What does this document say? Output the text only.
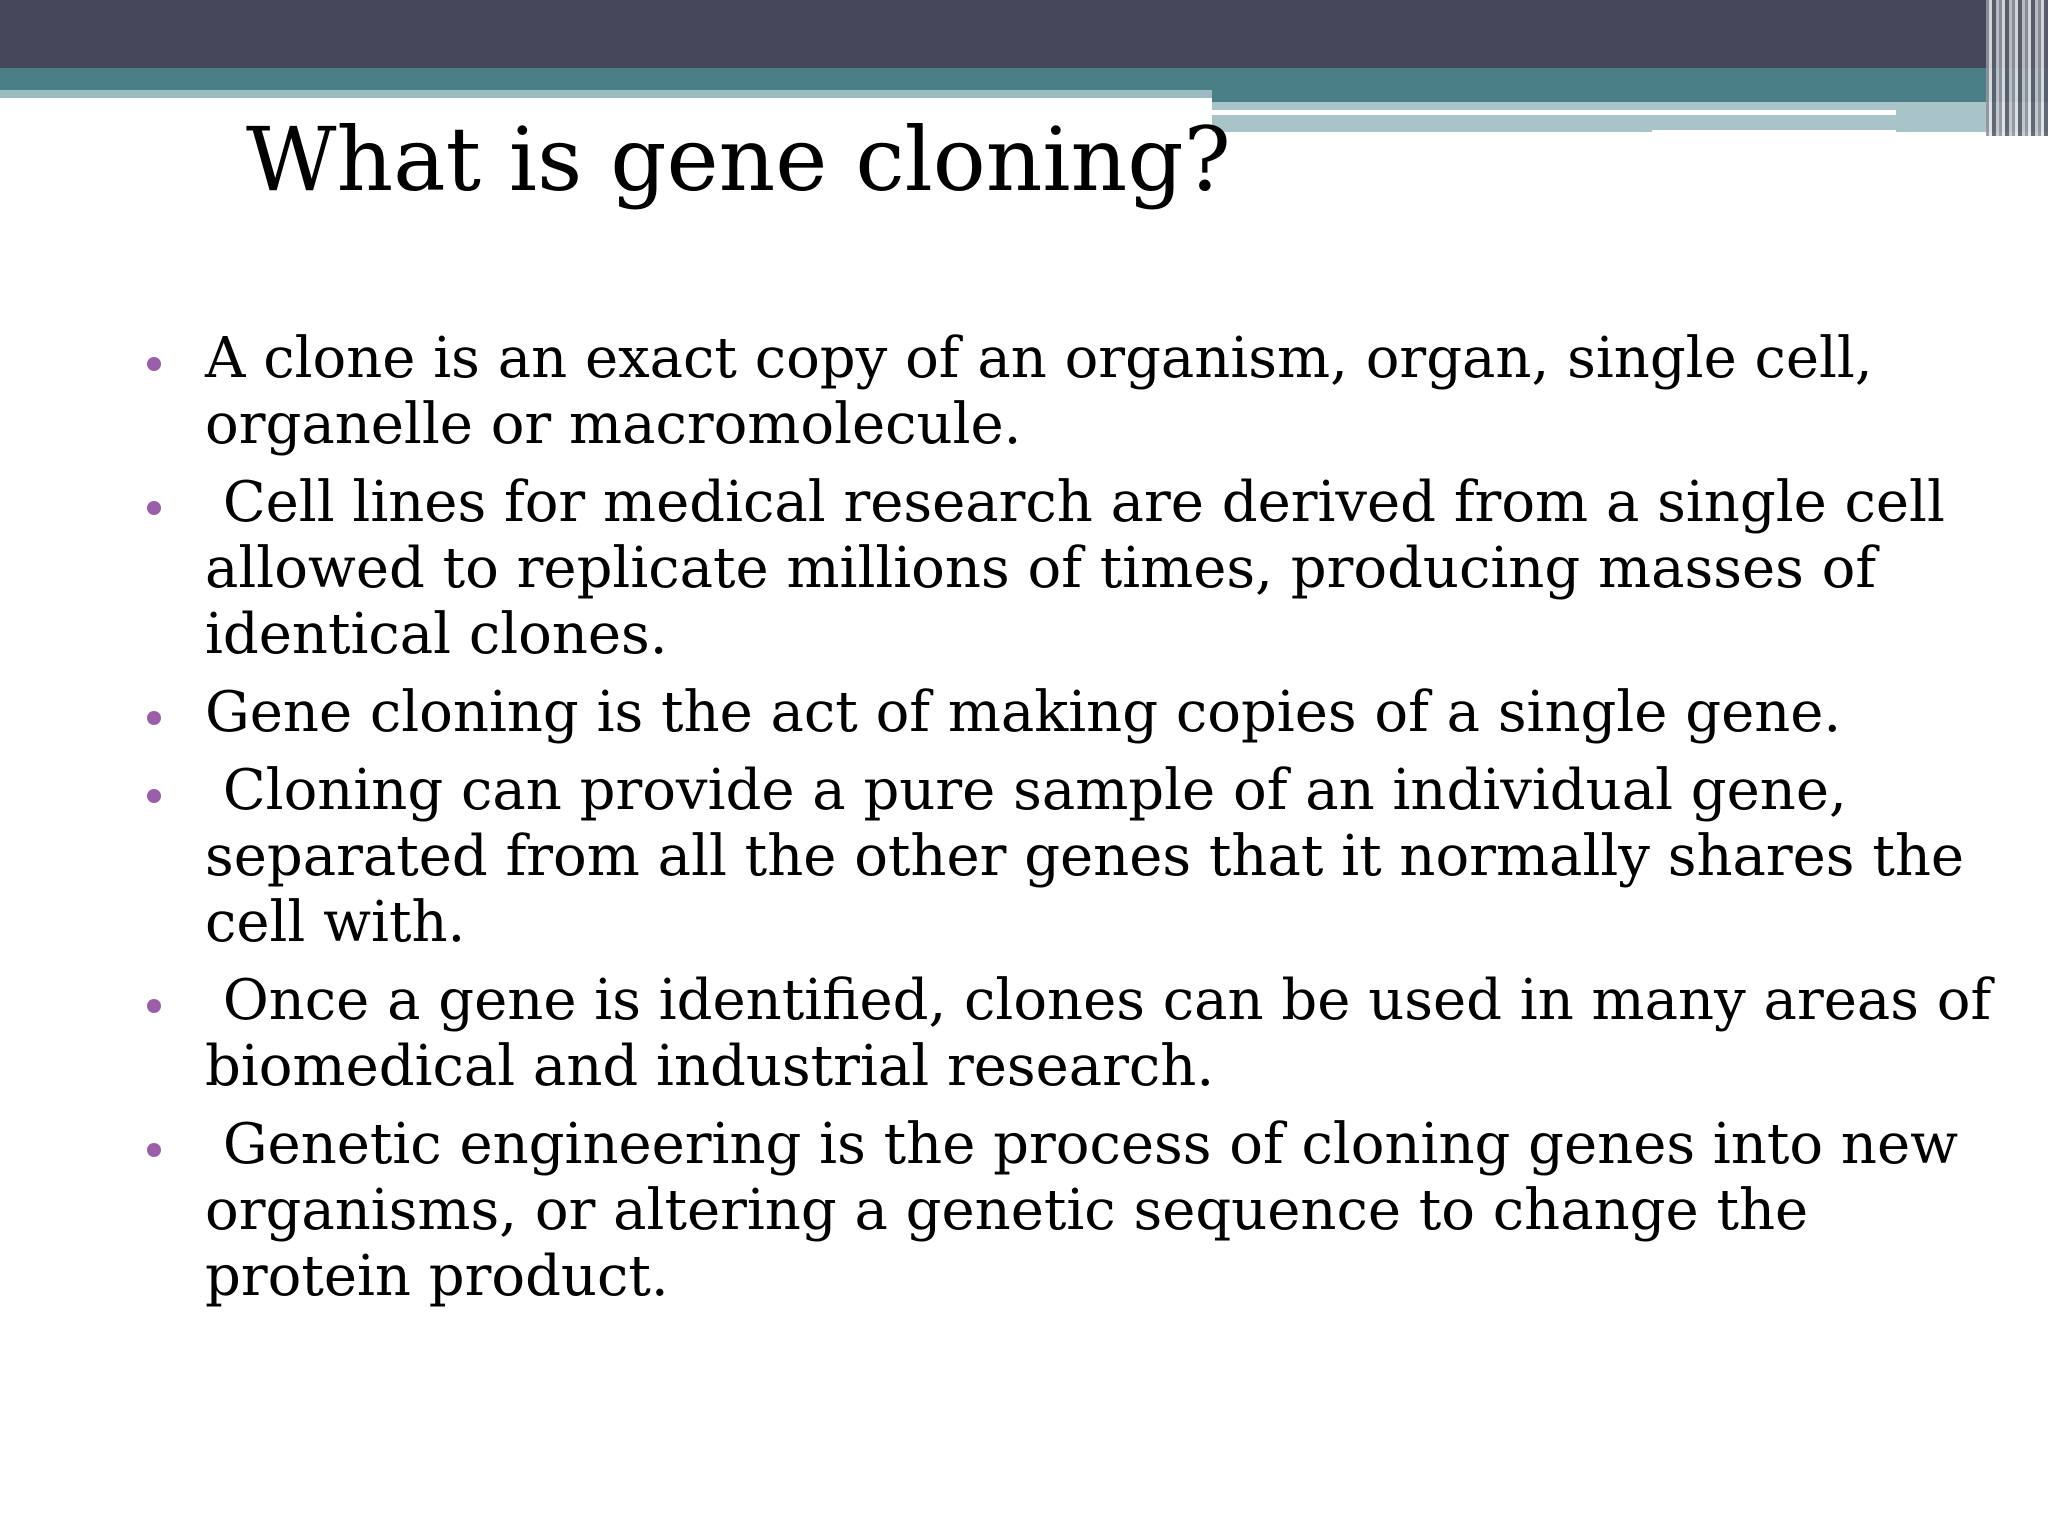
What is gene cloning?
A clone is an exact copy of an organism, organ, single cell, organelle or macromolecule.
Cell lines for medical research are derived from a single cell allowed to replicate millions of times, producing masses of identical clones.
Gene cloning is the act of making copies of a single gene.
Cloning can provide a pure sample of an individual gene, separated from all the other genes that it normally shares the cell with.
Once a gene is identified, clones can be used in many areas of biomedical and industrial research.
Genetic engineering is the process of cloning genes into new organisms, or altering a genetic sequence to change the protein product.
